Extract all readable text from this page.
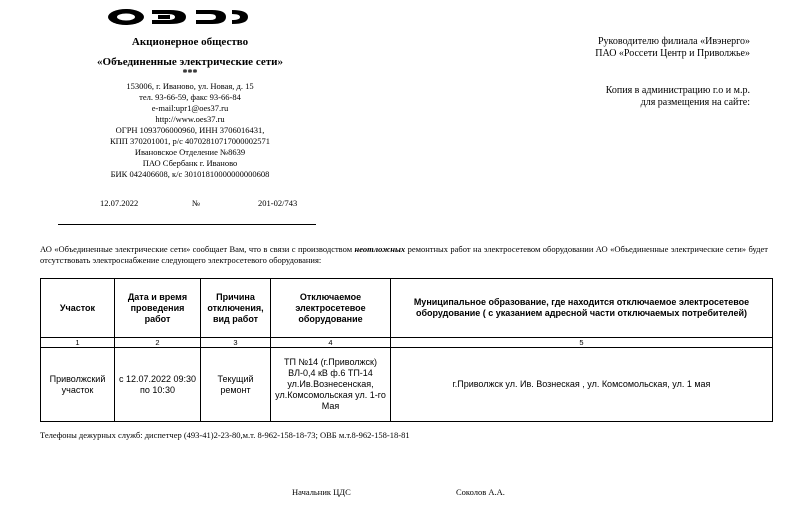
Акционерное общество
«Объединенные электрические сети»
***
153006, г. Иваново, ул. Новая, д. 15
тел. 93-66-59, факс 93-66-84
e-mail:upr1@oes37.ru
http://www.oes37.ru
ОГРН 1093706000960, ИНН 3706016431,
КПП 370201001, р/с 40702810717000002571
Ивановское Отделение №8639
ПАО Сбербанк г. Иваново
БИК 042406608, к/с 30101810000000000608
12.07.2022	№	201-02/743
Руководителю филиала «Ивэнерго»
ПАО «Россети Центр и Приволжье»
Копия в администрацию г.о и м.р.
для размещения на сайте:
АО «Объединенные электрические сети» сообщает Вам, что в связи с производством неотложных ремонтных работ на электросетевом оборудовании АО «Объединенные электрические сети» будет отсутствовать электроснабжение следующего электросетевого оборудования:
Участок	Дата и время проведения работ	Причина отключения, вид работ	Отключаемое электросетевое оборудование	Муниципальное образование, где находится отключаемое электросетевое оборудование ( с указанием адресной части отключаемых потребителей)
1	2	3	4	5
Приволжский участок	с 12.07.2022 09:30 по 10:30	Текущий ремонт	ТП №14 (г.Приволжск) ВЛ-0,4 кВ ф.6 ТП-14 ул.Ив.Вознесенская, ул.Комсомольская ул. 1-го Мая	г.Приволжск ул. Ив. Вознеская , ул. Комсомольская, ул. 1 мая
Телефоны дежурных служб: диспетчер (493-41)2-23-80,м.т. 8-962-158-18-73; ОВБ м.т.8-962-158-18-81
Начальник ЦДС	Соколов А.А.
